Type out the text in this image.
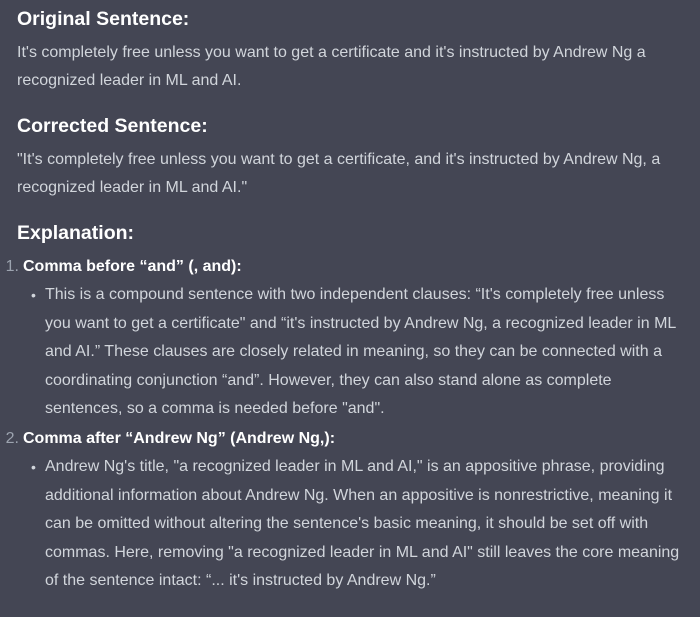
Original Sentence:

It's completely free unless you want to get a certificate and it's instructed by Andrew Ng a recognized leader in ML and AI.

Corrected Sentence:

"It's completely free unless you want to get a certificate, and it's instructed by Andrew Ng, a recognized leader in ML and AI."

Explanation:
1. Comma before “and” (, and):
• This is a compound sentence with two independent clauses: “It's completely free unless you want to get a certificate" and “it's instructed by Andrew Ng, a recognized leader in ML and AI.” These clauses are closely related in meaning, so they can be connected with a coordinating conjunction “and”. However, they can also stand alone as complete sentences, so a comma is needed before "and".
2. Comma after “Andrew Ng” (Andrew Ng,):
• Andrew Ng's title, "a recognized leader in ML and AI," is an appositive phrase, providing additional information about Andrew Ng. When an appositive is nonrestrictive, meaning it can be omitted without altering the sentence's basic meaning, it should be set off with commas. Here, removing "a recognized leader in ML and AI" still leaves the core meaning of the sentence intact: “... it's instructed by Andrew Ng.”
